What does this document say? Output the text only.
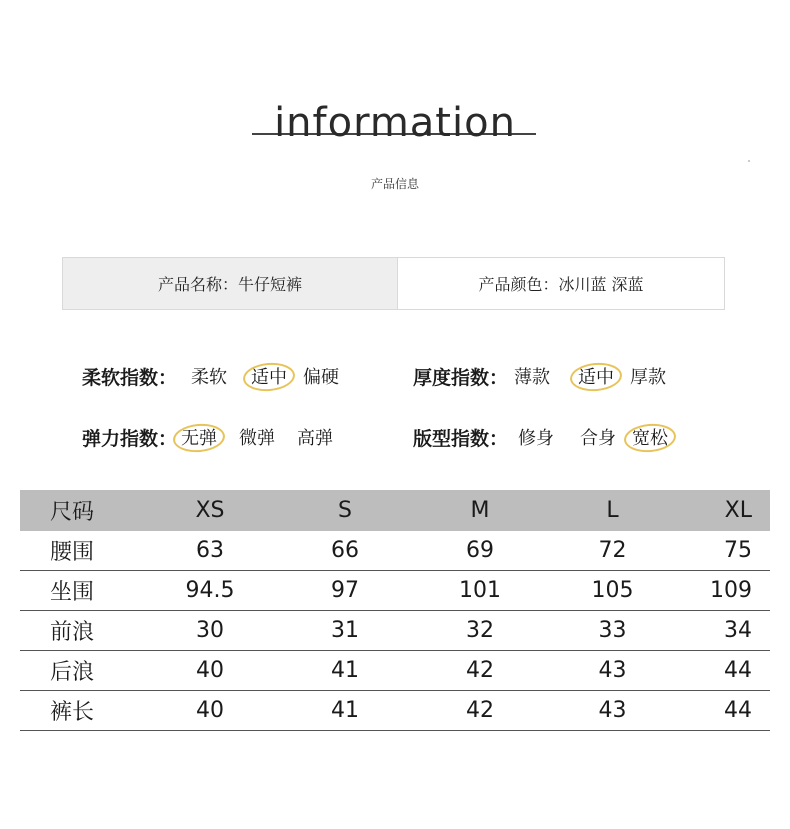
information
产品信息
产品名称：牛仔短裤	产品颜色：冰川蓝 深蓝
柔软指数： 柔软 适中 偏硬	厚度指数： 薄款 适中 厚款
弹力指数： 无弹 微弹 高弹	版型指数： 修身 合身 宽松
尺码	XS	S	M	L	XL
腰围	63	66	69	72	75
坐围	94.5	97	101	105	109
前浪	30	31	32	33	34
后浪	40	41	42	43	44
裤长	40	41	42	43	44
